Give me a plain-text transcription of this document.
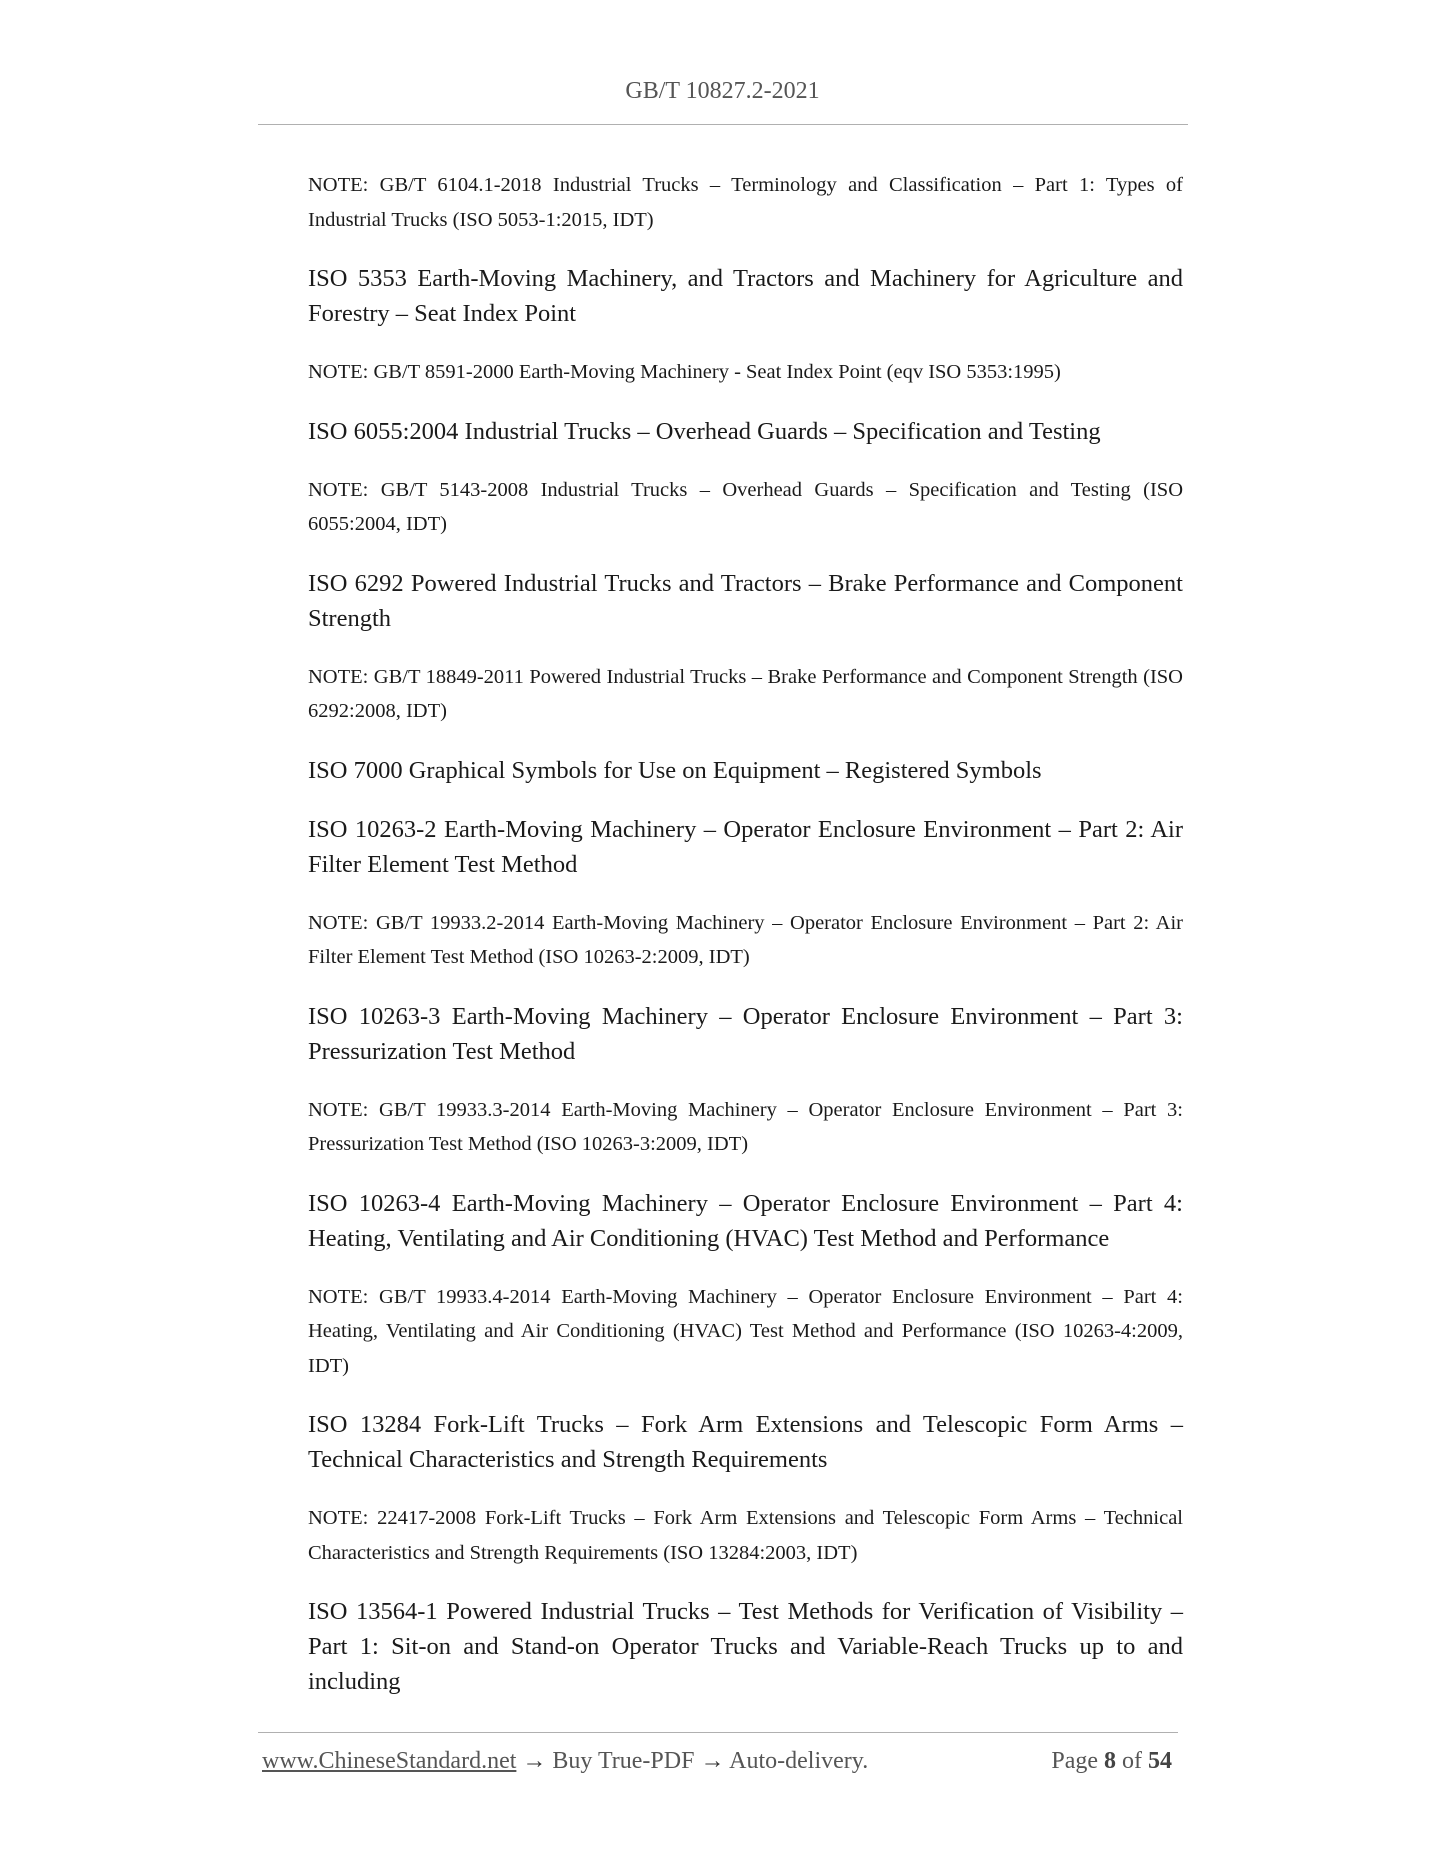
GB/T 10827.2-2021

NOTE: GB/T 6104.1-2018 Industrial Trucks – Terminology and Classification – Part 1: Types of Industrial Trucks (ISO 5053-1:2015, IDT)

ISO 5353 Earth-Moving Machinery, and Tractors and Machinery for Agriculture and Forestry – Seat Index Point

NOTE: GB/T 8591-2000 Earth-Moving Machinery - Seat Index Point (eqv ISO 5353:1995)

ISO 6055:2004 Industrial Trucks – Overhead Guards – Specification and Testing

NOTE: GB/T 5143-2008 Industrial Trucks – Overhead Guards – Specification and Testing (ISO 6055:2004, IDT)

ISO 6292 Powered Industrial Trucks and Tractors – Brake Performance and Component Strength

NOTE: GB/T 18849-2011 Powered Industrial Trucks – Brake Performance and Component Strength (ISO 6292:2008, IDT)

ISO 7000 Graphical Symbols for Use on Equipment – Registered Symbols

ISO 10263-2 Earth-Moving Machinery – Operator Enclosure Environment – Part 2: Air Filter Element Test Method

NOTE: GB/T 19933.2-2014 Earth-Moving Machinery – Operator Enclosure Environment – Part 2: Air Filter Element Test Method (ISO 10263-2:2009, IDT)

ISO 10263-3 Earth-Moving Machinery – Operator Enclosure Environment – Part 3: Pressurization Test Method

NOTE: GB/T 19933.3-2014 Earth-Moving Machinery – Operator Enclosure Environment – Part 3: Pressurization Test Method (ISO 10263-3:2009, IDT)

ISO 10263-4 Earth-Moving Machinery – Operator Enclosure Environment – Part 4: Heating, Ventilating and Air Conditioning (HVAC) Test Method and Performance

NOTE: GB/T 19933.4-2014 Earth-Moving Machinery – Operator Enclosure Environment – Part 4: Heating, Ventilating and Air Conditioning (HVAC) Test Method and Performance (ISO 10263-4:2009, IDT)

ISO 13284 Fork-Lift Trucks – Fork Arm Extensions and Telescopic Form Arms – Technical Characteristics and Strength Requirements

NOTE: 22417-2008 Fork-Lift Trucks – Fork Arm Extensions and Telescopic Form Arms – Technical Characteristics and Strength Requirements (ISO 13284:2003, IDT)

ISO 13564-1 Powered Industrial Trucks – Test Methods for Verification of Visibility – Part 1: Sit-on and Stand-on Operator Trucks and Variable-Reach Trucks up to and including

www.ChineseStandard.net → Buy True-PDF → Auto-delivery.	Page 8 of 54
